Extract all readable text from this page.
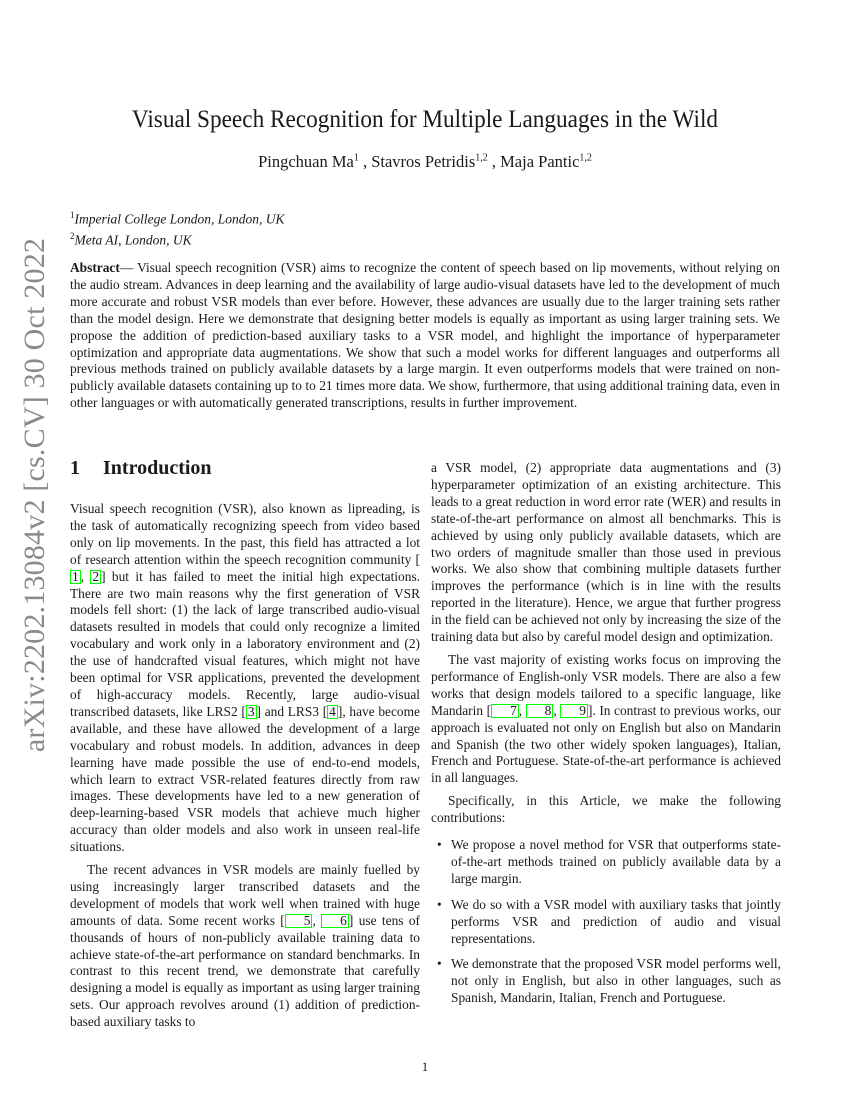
arXiv:2202.13084v2 [cs.CV] 30 Oct 2022
Visual Speech Recognition for Multiple Languages in the Wild
Pingchuan Ma$^1$ , Stavros Petridis$^{1,2}$ , Maja Pantic$^{1,2}$
$^1$Imperial College London, London, UK
$^2$Meta AI, London, UK
Abstract— Visual speech recognition (VSR) aims to recognize the content of speech based on lip movements, without relying on the audio stream. Advances in deep learning and the availability of large audio-visual datasets have led to the development of much more accurate and robust VSR models than ever before. However, these advances are usually due to the larger training sets rather than the model design. Here we demonstrate that designing better models is equally as important as using larger training sets. We propose the addition of prediction-based auxiliary tasks to a VSR model, and highlight the importance of hyperparameter optimization and appropriate data augmentations. We show that such a model works for different languages and outperforms all previous methods trained on publicly available datasets by a large margin. It even outperforms models that were trained on non-publicly available datasets containing up to to 21 times more data. We show, furthermore, that using additional training data, even in other languages or with automatically generated transcriptions, results in further improvement.
1 Introduction

Visual speech recognition (VSR), also known as lipreading, is the task of automatically recognizing speech from video based only on lip movements. In the past, this field has attracted a lot of research attention within the speech recognition community [1 , 2 ] but it has failed to meet the initial high expectations. There are two main reasons why the first generation of VSR models fell short: (1) the lack of large transcribed audio-visual datasets resulted in models that could only recognize a limited vocabulary and work only in a laboratory environment and (2) the use of handcrafted visual features, which might not have been optimal for VSR applications, prevented the development of high-accuracy models. Recently, large audio-visual transcribed datasets, like LRS2 [ 3 ] and LRS3 [ 4 ], have become available, and these have allowed the development of a large vocabulary and robust models. In addition, advances in deep learning have made possible the use of end-to-end models, which learn to extract VSR-related features directly from raw images. These developments have led to a new generation of deep-learning-based VSR models that achieve much higher accuracy than older models and also work in unseen real-life situations.

The recent advances in VSR models are mainly fuelled by using increasingly larger transcribed datasets and the development of models that work well when trained with huge amounts of data. Some recent works [ 5 , 6 ] use tens of thousands of hours of non-publicly available training data to achieve state-of-the-art performance on standard benchmarks. In contrast to this recent trend, we demonstrate that carefully designing a model is equally as important as using larger training sets. Our approach revolves around (1) addition of prediction-based auxiliary tasks to

a VSR model, (2) appropriate data augmentations and (3) hyperparameter optimization of an existing architecture. This leads to a great reduction in word error rate (WER) and results in state-of-the-art performance on almost all benchmarks. This is achieved by using only publicly available datasets, which are two orders of magnitude smaller than those used in previous works. We also show that combining multiple datasets further improves the performance (which is in line with the results reported in the literature). Hence, we argue that further progress in the field can be achieved not only by increasing the size of the training data but also by careful model design and optimization.

The vast majority of existing works focus on improving the performance of English-only VSR models. There are also a few works that design models tailored to a specific language, like Mandarin [ 7 , 8 , 9 ]. In contrast to previous works, our approach is evaluated not only on English but also on Mandarin and Spanish (the two other widely spoken languages), Italian, French and Portuguese. State-of-the-art performance is achieved in all languages.

Specifically, in this Article, we make the following contributions:

• We propose a novel method for VSR that outperforms state-of-the-art methods trained on publicly available data by a large margin.
• We do so with a VSR model with auxiliary tasks that jointly performs VSR and prediction of audio and visual representations.
• We demonstrate that the proposed VSR model performs well, not only in English, but also in other languages, such as Spanish, Mandarin, Italian, French and Portuguese.
1
